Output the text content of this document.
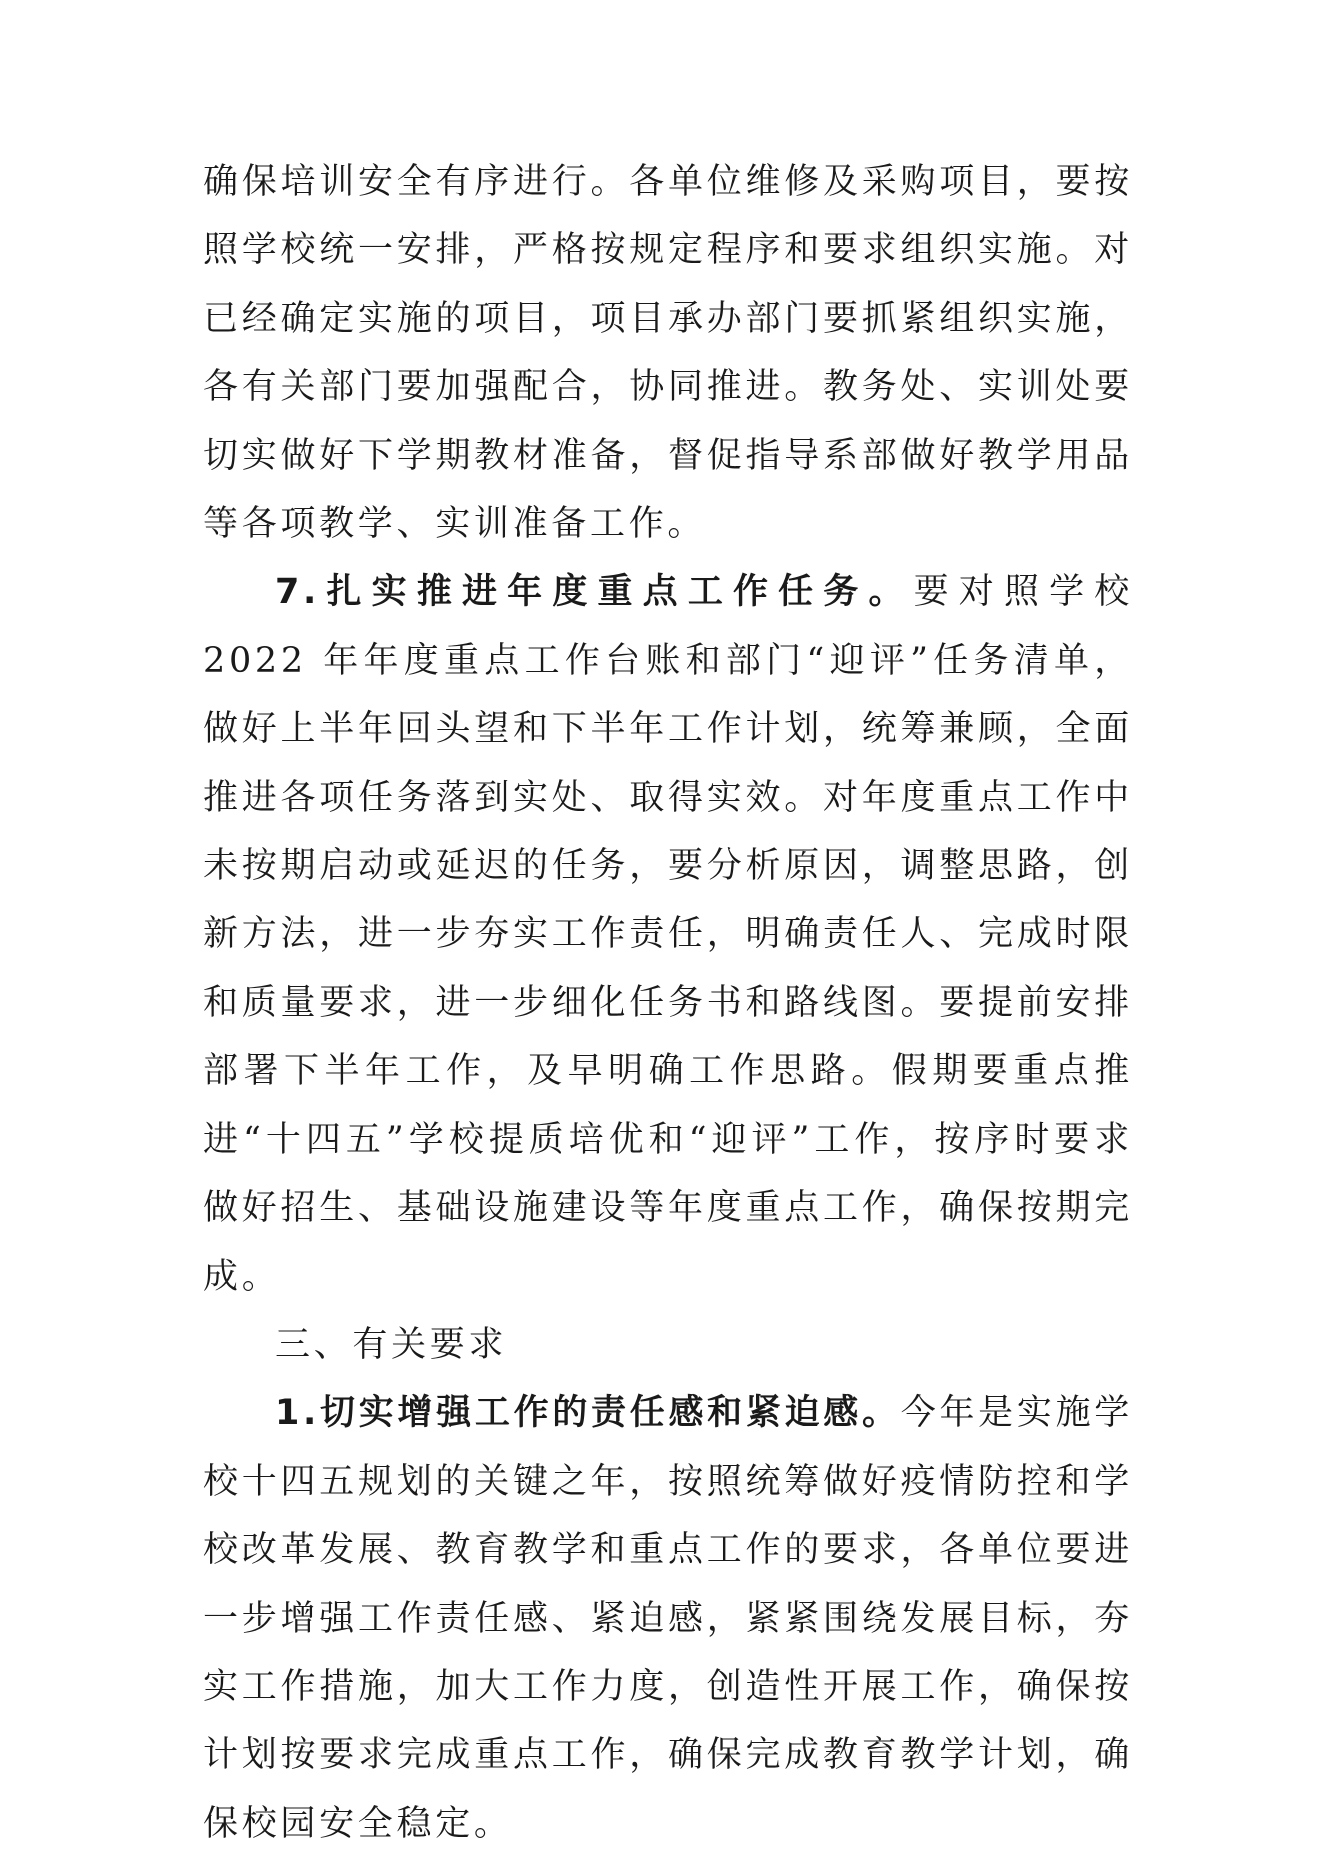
确保培训安全有序进行。各单位维修及采购项目，要按照学校统一安排，严格按规定程序和要求组织实施。对已经确定实施的项目，项目承办部门要抓紧组织实施，各有关部门要加强配合，协同推进。教务处、实训处要切实做好下学期教材准备，督促指导系部做好教学用品等各项教学、实训准备工作。

7.扎实推进年度重点工作任务。要对照学校 2022 年年度重点工作台账和部门“迎评”任务清单，做好上半年回头望和下半年工作计划，统筹兼顾，全面推进各项任务落到实处、取得实效。对年度重点工作中未按期启动或延迟的任务，要分析原因，调整思路，创新方法，进一步夯实工作责任，明确责任人、完成时限和质量要求，进一步细化任务书和路线图。要提前安排部署下半年工作，及早明确工作思路。假期要重点推进“十四五”学校提质培优和“迎评”工作，按序时要求做好招生、基础设施建设等年度重点工作，确保按期完成。

三、有关要求

1.切实增强工作的责任感和紧迫感。今年是实施学校十四五规划的关键之年，按照统筹做好疫情防控和学校改革发展、教育教学和重点工作的要求，各单位要进一步增强工作责任感、紧迫感，紧紧围绕发展目标，夯实工作措施，加大工作力度，创造性开展工作，确保按计划按要求完成重点工作，确保完成教育教学计划，确保校园安全稳定。
